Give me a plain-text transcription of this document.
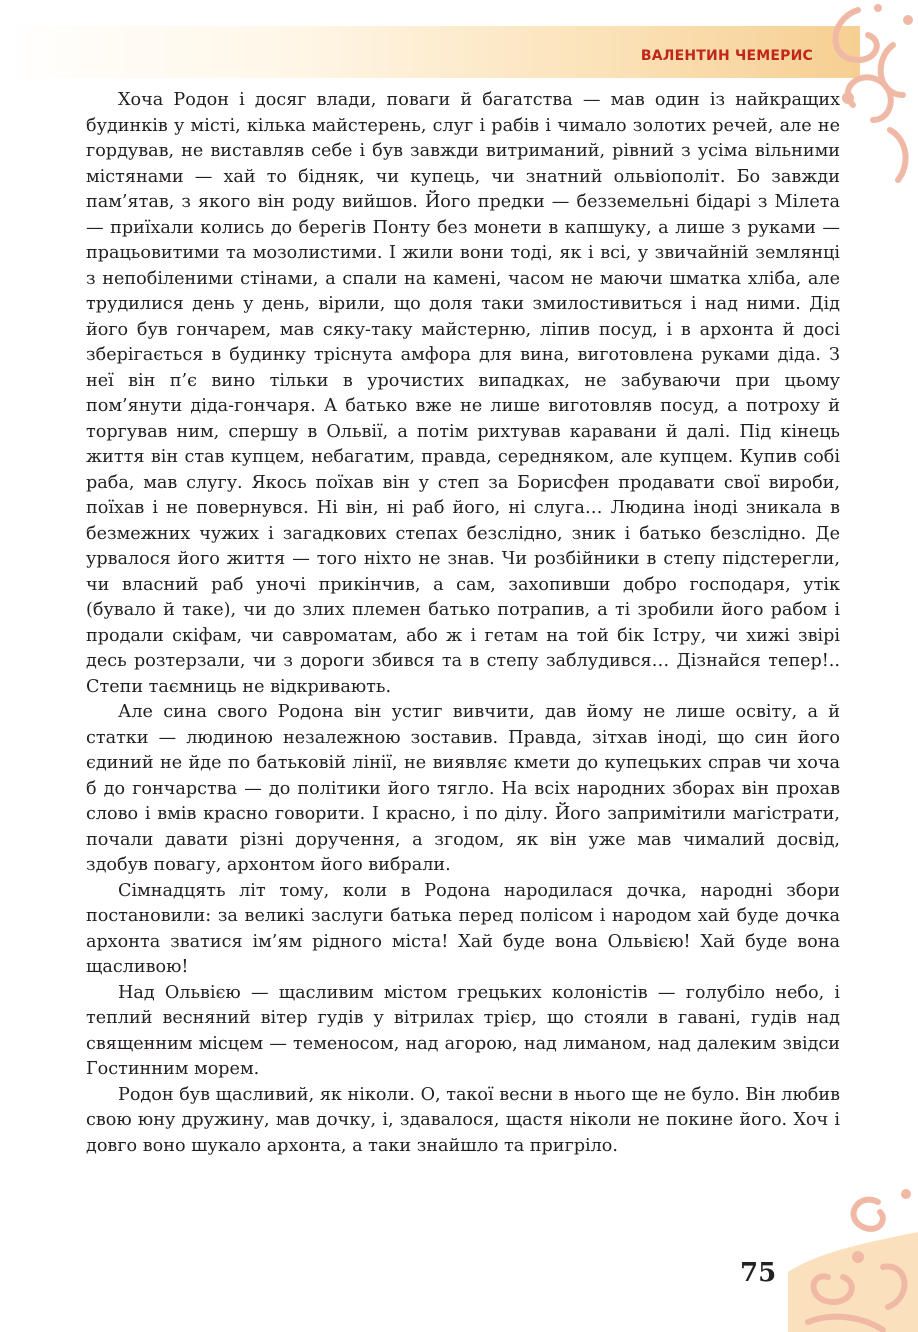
ВАЛЕНТИН ЧЕМЕРИС

Хоча Родон і досяг влади, поваги й багатства — мав один із найкращих будинків у місті, кілька майстерень, слуг і рабів і чимало золотих речей, але не гордував, не виставляв себе і був завжди витриманий, рівний з усіма вільними містянами — хай то бідняк, чи купець, чи знатний ольвіополіт. Бо завжди пам’ятав, з якого він роду вийшов. Його предки — безземельні бідарі з Мілета — приїхали колись до берегів Понту без монети в капшуку, а лише з руками — працьовитими та мозолистими. І жили вони тоді, як і всі, у звичайній землянці з непобіленими стінами, а спали на камені, часом не маючи шматка хліба, але трудилися день у день, вірили, що доля таки змилостивиться і над ними. Дід його був гончарем, мав сяку-таку майстерню, ліпив посуд, і в архонта й досі зберігається в будинку тріснута амфора для вина, виготовлена руками діда. З неї він п’є вино тільки в урочистих випадках, не забуваючи при цьому пом’янути діда-гончаря. А батько вже не лише виготовляв посуд, а потроху й торгував ним, спершу в Ольвії, а потім рихтував каравани й далі. Під кінець життя він став купцем, небагатим, правда, середняком, але купцем. Купив собі раба, мав слугу. Якось поїхав він у степ за Борисфен продавати свої вироби, поїхав і не повернувся. Ні він, ні раб його, ні слуга… Людина іноді зникала в безмежних чужих і загадкових степах безслідно, зник і батько безслідно. Де урвалося його життя — того ніхто не знав. Чи розбійники в степу підстерегли, чи власний раб уночі прикінчив, а сам, захопивши добро господаря, утік (бувало й таке), чи до злих племен батько потрапив, а ті зробили його рабом і продали скіфам, чи савроматам, або ж і гетам на той бік Істру, чи хижі звірі десь розтерзали, чи з дороги збився та в степу заблудився… Дізнайся тепер!.. Степи таємниць не відкривають.

Але сина свого Родона він устиг вивчити, дав йому не лише освіту, а й статки — людиною незалежною зоставив. Правда, зітхав іноді, що син його єдиний не йде по батьковій лінії, не виявляє кмети до купецьких справ чи хоча б до гончарства — до політики його тягло. На всіх народних зборах він прохав слово і вмів красно говорити. І красно, і по ділу. Його запримітили магістрати, почали давати різні доручення, а згодом, як він уже мав чималий досвід, здобув повагу, архонтом його вибрали.

Сімнадцять літ тому, коли в Родона народилася дочка, народні збори постановили: за великі заслуги батька перед полісом і народом хай буде дочка архонта зватися ім’ям рідного міста! Хай буде вона Ольвією! Хай буде вона щасливою!

Над Ольвією — щасливим містом грецьких колоністів — голубіло небо, і теплий весняний вітер гудів у вітрилах трієр, що стояли в гавані, гудів над священним місцем — теменосом, над агорою, над лиманом, над далеким звідси Гостинним морем.

Родон був щасливий, як ніколи. О, такої весни в нього ще не було. Він любив свою юну дружину, мав дочку, і, здавалося, щастя ніколи не покине його. Хоч і довго воно шукало архонта, а таки знайшло та пригріло.

75
